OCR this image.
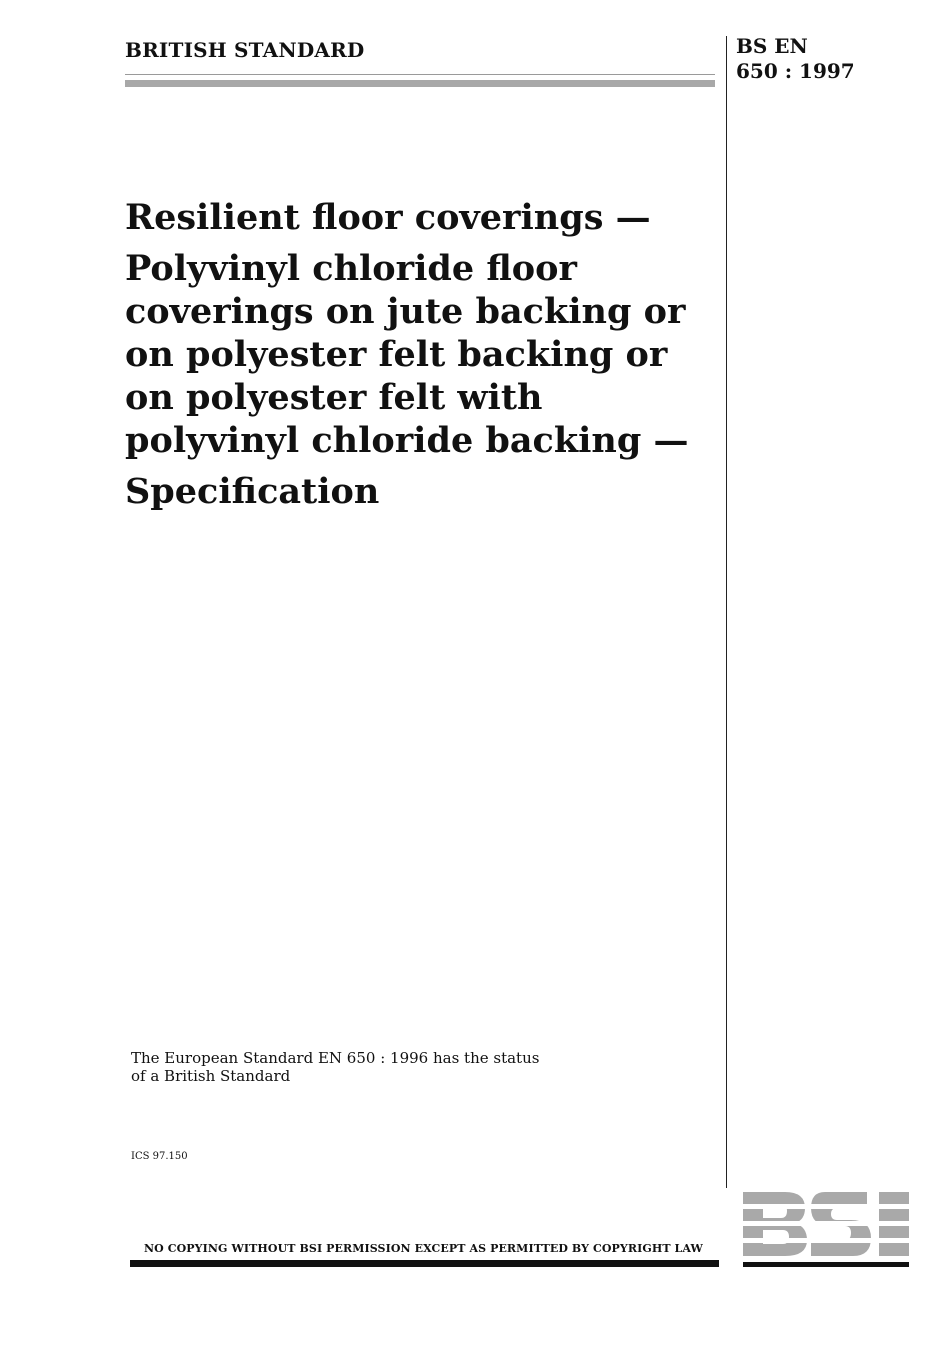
BRITISH STANDARD	BS EN
650 : 1997
Resilient floor coverings —
Polyvinyl chloride floor coverings on jute backing or on polyester felt backing or on polyester felt with polyvinyl chloride backing —
Specification
The European Standard EN 650 : 1996 has the status of a British Standard
ICS 97.150
NO COPYING WITHOUT BSI PERMISSION EXCEPT AS PERMITTED BY COPYRIGHT LAW
